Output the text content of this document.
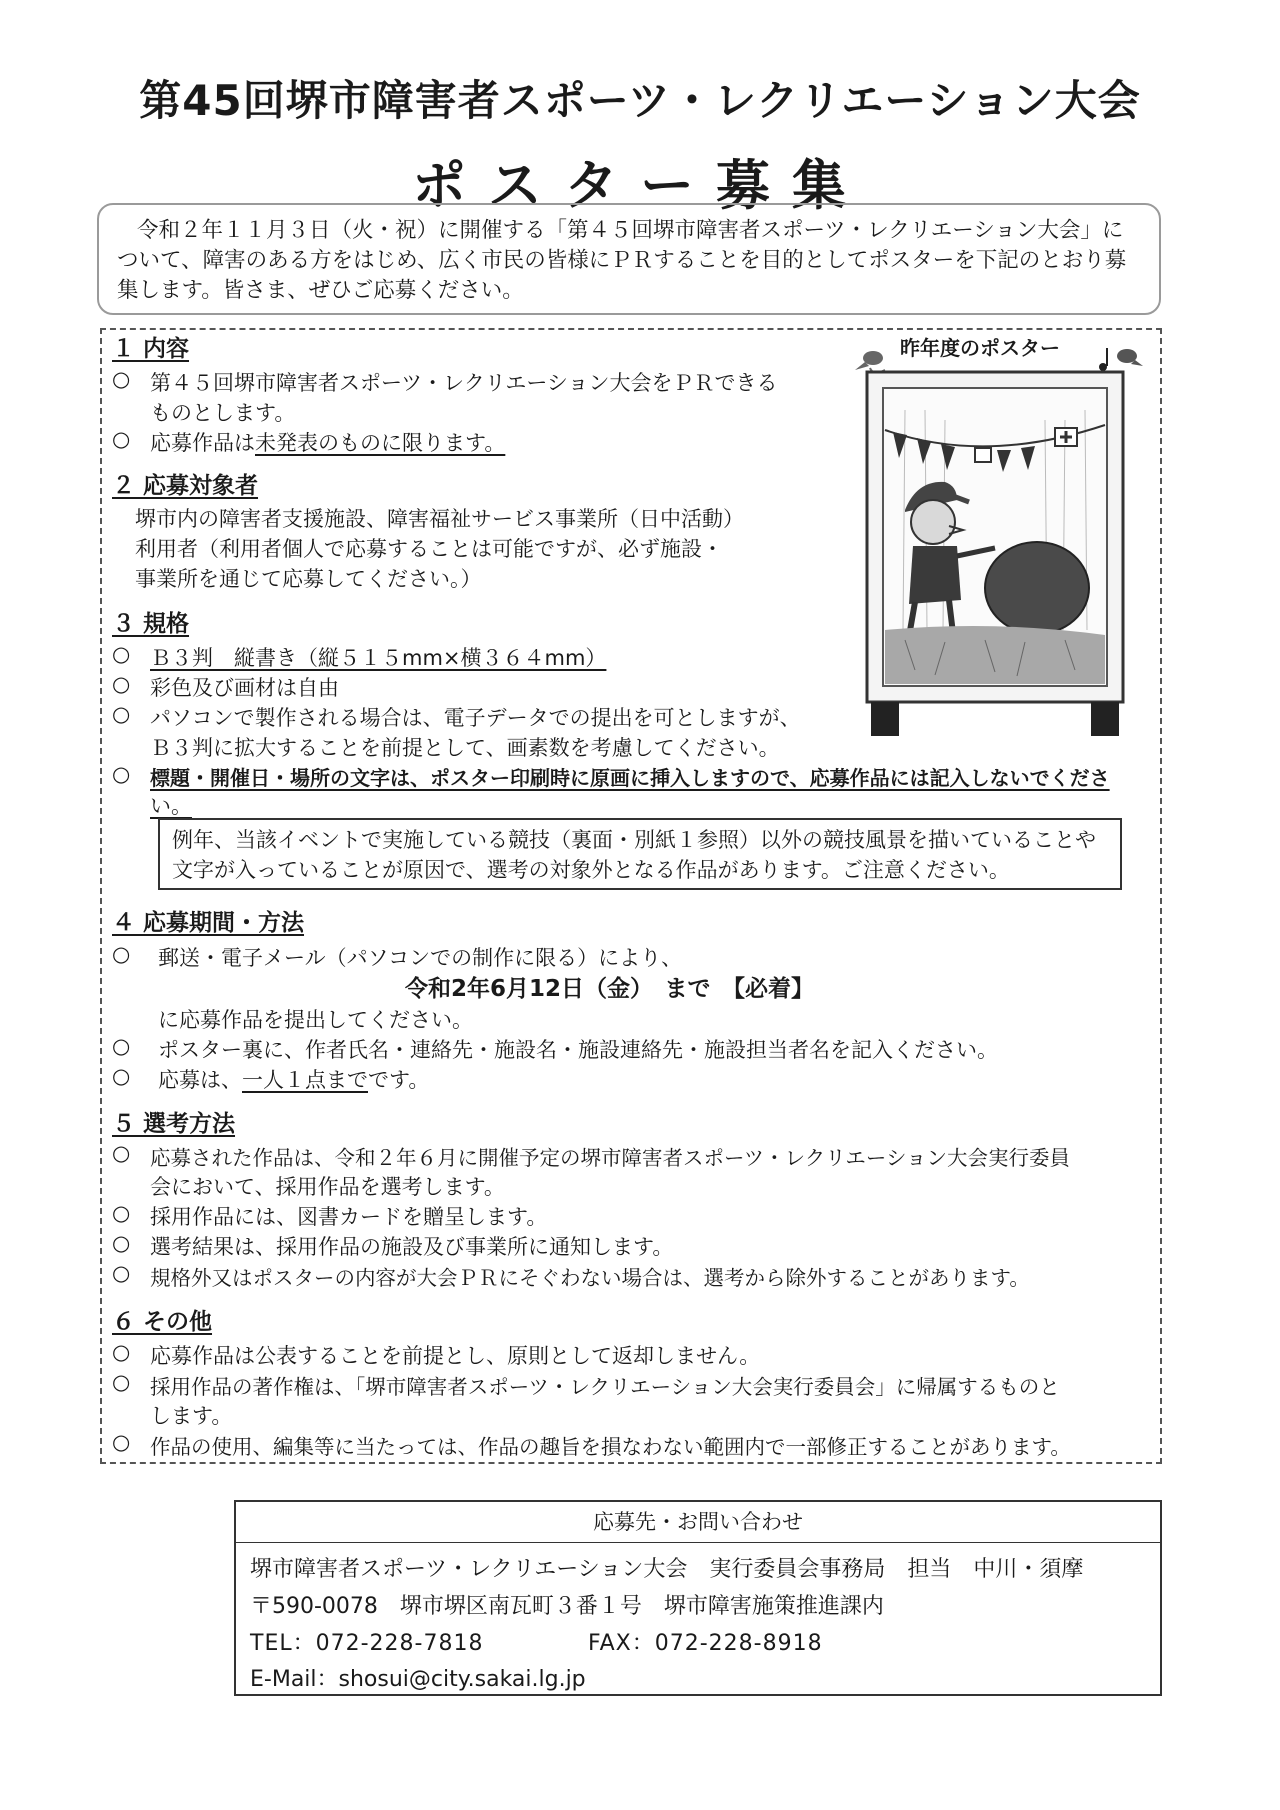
第45回堺市障害者スポーツ・レクリエーション大会
ポスター募集
令和２年１１月３日（火・祝）に開催する「第４５回堺市障害者スポーツ・レクリエーション大会」について、障害のある方をはじめ、広く市民の皆様にＰＲすることを目的としてポスターを下記のとおり募集します。皆さま、ぜひご応募ください。
昨年度のポスター
１ 内容
○ 第４５回堺市障害者スポーツ・レクリエーション大会をＰＲできる
ものとします。
○ 応募作品は未発表のものに限ります。
２ 応募対象者
堺市内の障害者支援施設、障害福祉サービス事業所（日中活動）
利用者（利用者個人で応募することは可能ですが、必ず施設・
事業所を通じて応募してください。）
３ 規格
○ Ｂ３判　縦書き（縦５１５mm×横３６４mm）
○ 彩色及び画材は自由
○ パソコンで製作される場合は、電子データでの提出を可としますが、
Ｂ３判に拡大することを前提として、画素数を考慮してください。
○ 標題・開催日・場所の文字は、ポスター印刷時に原画に挿入しますので、応募作品には記入しないでくださ
い。
例年、当該イベントで実施している競技（裏面・別紙１参照）以外の競技風景を描いていることや文字が入っていることが原因で、選考の対象外となる作品があります。ご注意ください。
４ 応募期間・方法
○ 郵送・電子メール（パソコンでの制作に限る）により、
令和2年6月12日（金）　まで　【必着】
に応募作品を提出してください。
○ ポスター裏に、作者氏名・連絡先・施設名・施設連絡先・施設担当者名を記入ください。
○ 応募は、一人１点までです。
５ 選考方法
○ 応募された作品は、令和２年６月に開催予定の堺市障害者スポーツ・レクリエーション大会実行委員
会において、採用作品を選考します。
○ 採用作品には、図書カードを贈呈します。
○ 選考結果は、採用作品の施設及び事業所に通知します。
○ 規格外又はポスターの内容が大会ＰＲにそぐわない場合は、選考から除外することがあります。
６ その他
○ 応募作品は公表することを前提とし、原則として返却しません。
○ 採用作品の著作権は、「堺市障害者スポーツ・レクリエーション大会実行委員会」に帰属するものと
します。
○ 作品の使用、編集等に当たっては、作品の趣旨を損なわない範囲内で一部修正することがあります。
応募先・お問い合わせ
堺市障害者スポーツ・レクリエーション大会　実行委員会事務局　担当　中川・須摩
〒590-0078　堺市堺区南瓦町３番１号　堺市障害施策推進課内
TEL：072-228-7818	FAX：072-228-8918
E-Mail：shosui@city.sakai.lg.jp
